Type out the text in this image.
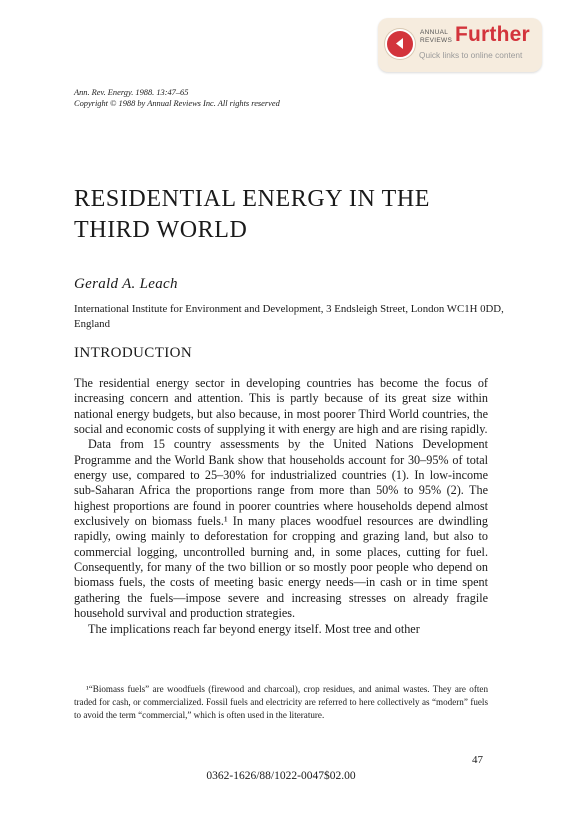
ANNUAL REVIEWS Further
Quick links to online content
Ann. Rev. Energy. 1988. 13:47–65
Copyright © 1988 by Annual Reviews Inc. All rights reserved
RESIDENTIAL ENERGY IN THE THIRD WORLD
Gerald A. Leach
International Institute for Environment and Development, 3 Endsleigh Street, London WC1H 0DD, England
INTRODUCTION

The residential energy sector in developing countries has become the focus of increasing concern and attention. This is partly because of its great size within national energy budgets, but also because, in most poorer Third World countries, the social and economic costs of supplying it with energy are high and are rising rapidly.

Data from 15 country assessments by the United Nations Development Programme and the World Bank show that households account for 30–95% of total energy use, compared to 25–30% for industrialized countries (1). In low-income sub-Saharan Africa the proportions range from more than 50% to 95% (2). The highest proportions are found in poorer countries where households depend almost exclusively on biomass fuels.¹ In many places woodfuel resources are dwindling rapidly, owing mainly to deforestation for cropping and grazing land, but also to commercial logging, uncontrolled burning and, in some places, cutting for fuel. Consequently, for many of the two billion or so mostly poor people who depend on biomass fuels, the costs of meeting basic energy needs—in cash or in time spent gathering the fuels—impose severe and increasing stresses on already fragile household survival and production strategies.

The implications reach far beyond energy itself. Most tree and other

¹“Biomass fuels” are woodfuels (firewood and charcoal), crop residues, and animal wastes. They are often traded for cash, or commercialized. Fossil fuels and electricity are referred to here collectively as “modern” fuels to avoid the term “commercial,” which is often used in the literature.
47
0362-1626/88/1022-0047$02.00
